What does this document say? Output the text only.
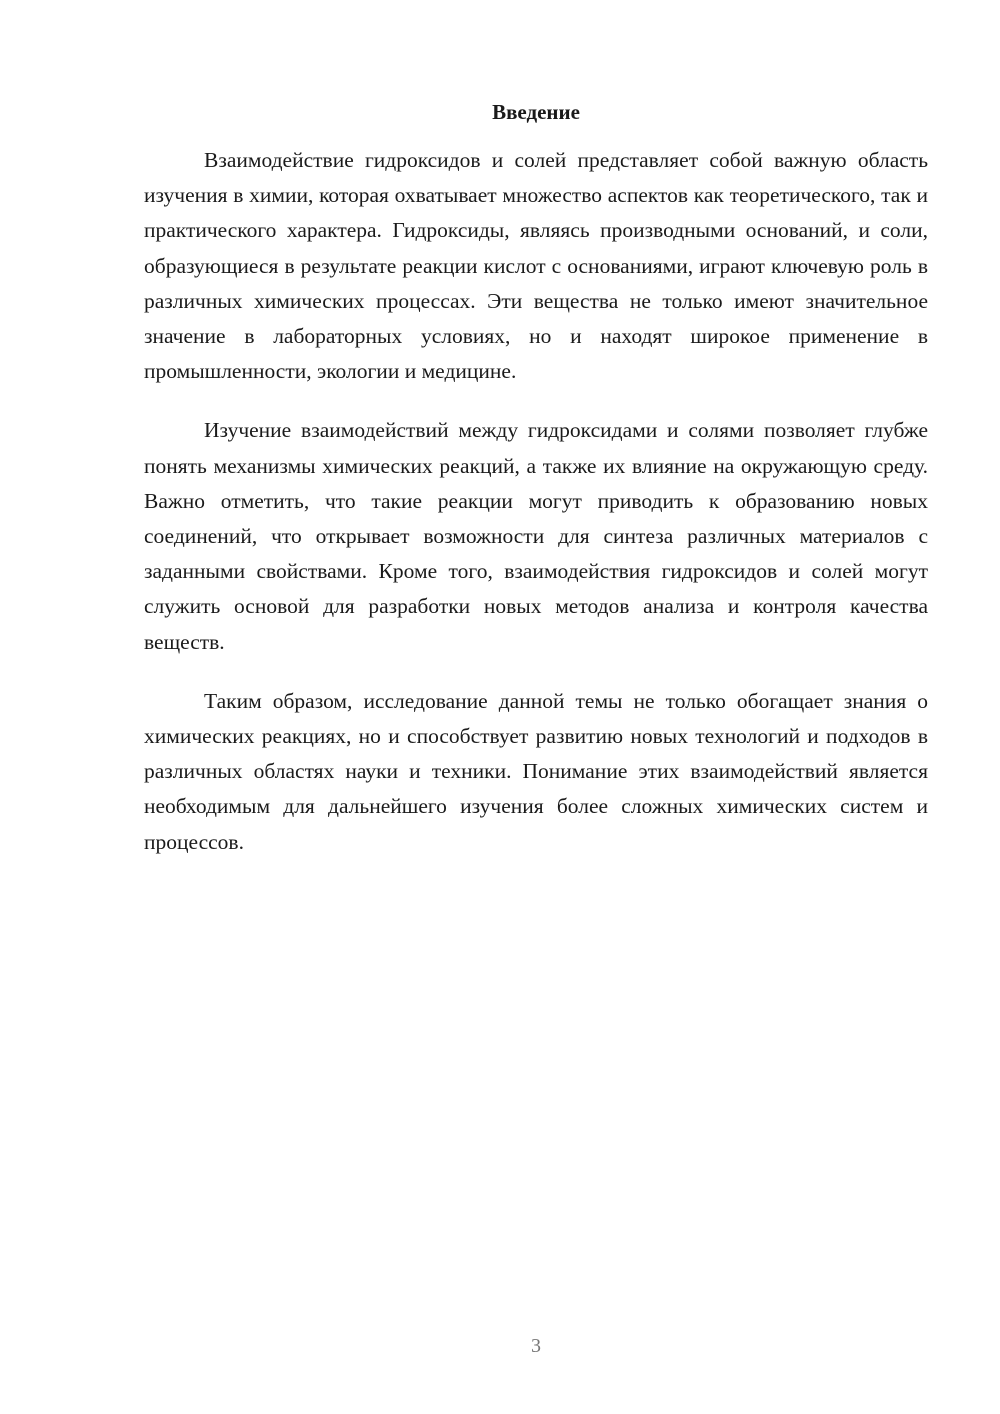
Введение

Взаимодействие гидроксидов и солей представляет собой важную область изучения в химии, которая охватывает множество аспектов как теоретического, так и практического характера. Гидроксиды, являясь производными оснований, и соли, образующиеся в результате реакции кислот с основаниями, играют ключевую роль в различных химических процессах. Эти вещества не только имеют значительное значение в лабораторных условиях, но и находят широкое применение в промышленности, экологии и медицине.

Изучение взаимодействий между гидроксидами и солями позволяет глубже понять механизмы химических реакций, а также их влияние на окружающую среду. Важно отметить, что такие реакции могут приводить к образованию новых соединений, что открывает возможности для синтеза различных материалов с заданными свойствами. Кроме того, взаимодействия гидроксидов и солей могут служить основой для разработки новых методов анализа и контроля качества веществ.

Таким образом, исследование данной темы не только обогащает знания о химических реакциях, но и способствует развитию новых технологий и подходов в различных областях науки и техники. Понимание этих взаимодействий является необходимым для дальнейшего изучения более сложных химических систем и процессов.

3
